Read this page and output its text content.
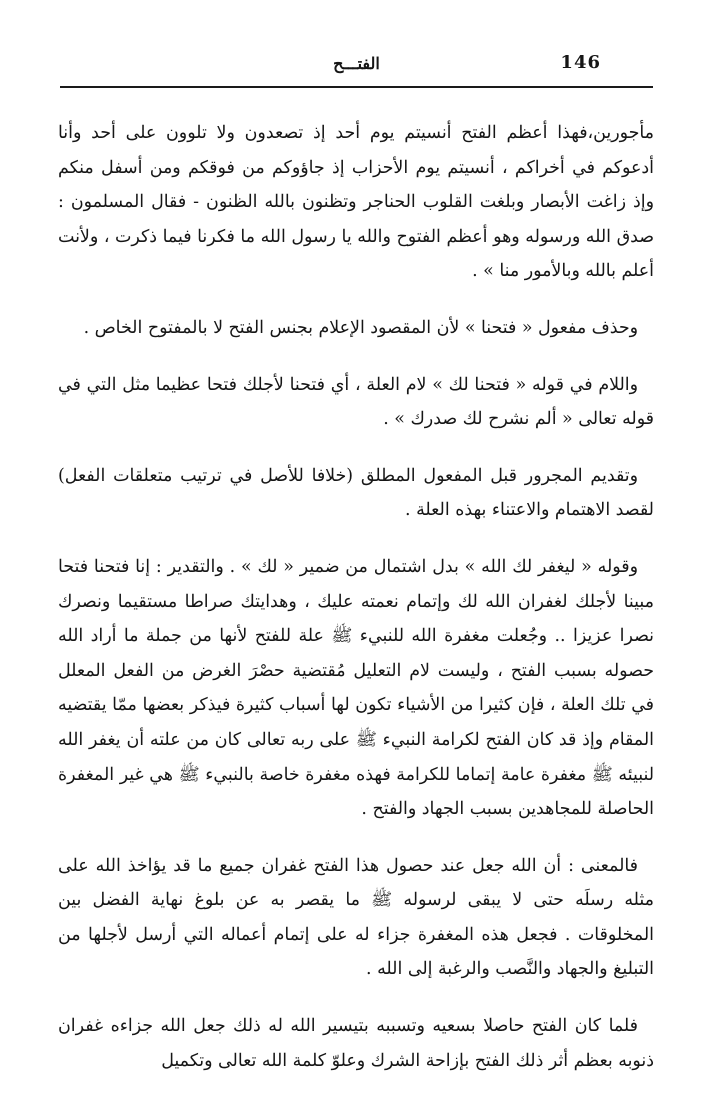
146
الفتـــح

مأجورين،فهذا أعظم الفتح أنسيتم يوم أحد إذ تصعدون ولا تلوون على أحد وأنا أدعوكم في أخراكم ، أنسيتم يوم الأحزاب إذ جاؤوكم من فوقكم ومن أسفل منكم وإذ زاغت الأبصار وبلغت القلوب الحناجر وتظنون بالله الظنون - فقال المسلمون : صدق الله ورسوله وهو أعظم الفتوح والله يا رسول الله ما فكرنا فيما ذكرت ، ولأنت أعلم بالله وبالأمور منا » .

وحذف مفعول « فتحنا » لأن المقصود الإعلام بجنس الفتح لا بالمفتوح الخاص .

واللام في قوله « فتحنا لك » لام العلة ، أي فتحنا لأجلك فتحا عظيما مثل التي في قوله تعالى « ألم نشرح لك صدرك » .

وتقديم المجرور قبل المفعول المطلق (خلافا للأصل في ترتيب متعلقات الفعل) لقصد الاهتمام والاعتناء بهذه العلة .

وقوله « ليغفر لك الله » بدل اشتمال من ضمير « لك » . والتقدير : إنا فتحنا فتحا مبينا لأجلك لغفران الله لك وإتمام نعمته عليك ، وهدايتك صراطا مستقيما ونصرك نصرا عزيزا .. وجُعلت مغفرة الله للنبيء ﷺ علة للفتح لأنها من جملة ما أراد الله حصوله بسبب الفتح ، وليست لام التعليل مُقتضية حصْرَ الغرض من الفعل المعلل في تلك العلة ، فإن كثيرا من الأشياء تكون لها أسباب كثيرة فيذكر بعضها ممّا يقتضيه المقام وإذ قد كان الفتح لكرامة النبيء ﷺ على ربه تعالى كان من علته أن يغفر الله لنبيئه ﷺ مغفرة عامة إتماما للكرامة فهذه مغفرة خاصة بالنبيء ﷺ هي غير المغفرة الحاصلة للمجاهدين بسبب الجهاد والفتح .

فالمعنى : أن الله جعل عند حصول هذا الفتح غفران جميع ما قد يؤاخذ الله على مثله رسلَه حتى لا يبقى لرسوله ﷺ ما يقصر به عن بلوغ نهاية الفضل بين المخلوقات . فجعل هذه المغفرة جزاء له على إتمام أعماله التي أرسل لأجلها من التبليغ والجهاد والنَّصب والرغبة إلى الله .

فلما كان الفتح حاصلا بسعيه وتسببه بتيسير الله له ذلك جعل الله جزاءه غفران ذنوبه بعظم أثر ذلك الفتح بإزاحة الشرك وعلوّ كلمة الله تعالى وتكميل
